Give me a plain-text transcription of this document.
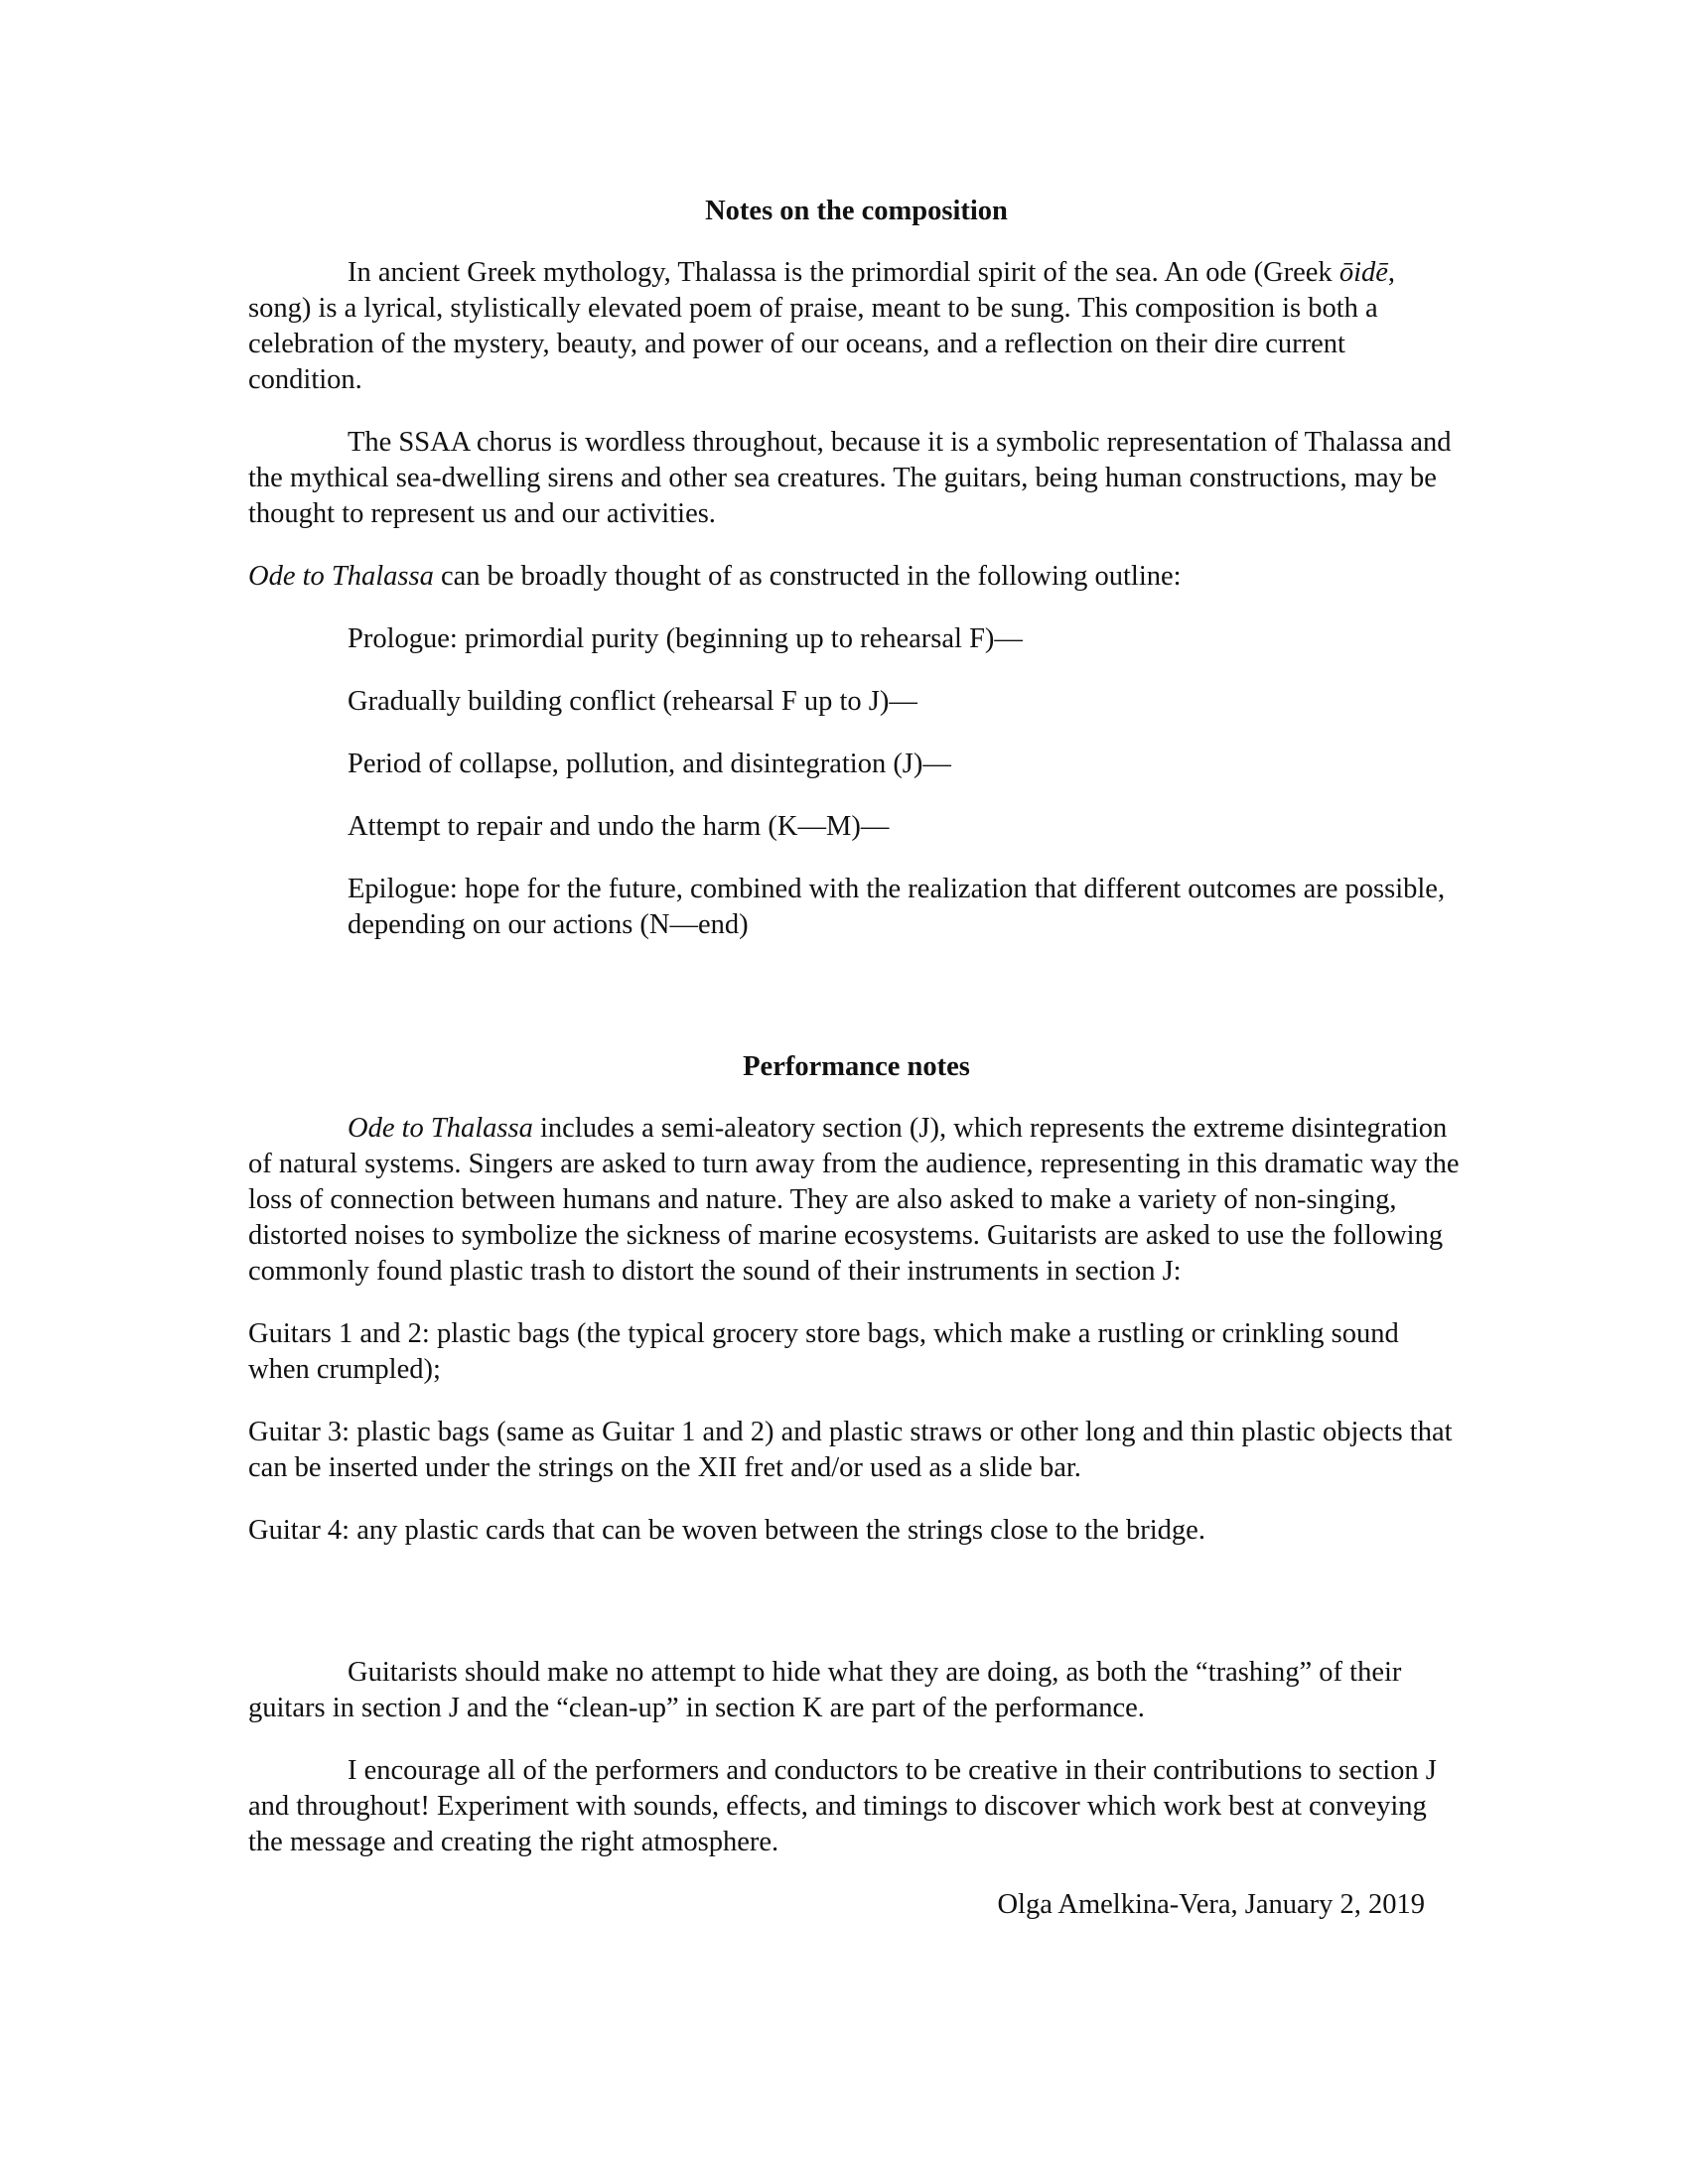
Notes on the composition

In ancient Greek mythology, Thalassa is the primordial spirit of the sea. An ode (Greek ōidē, song) is a lyrical, stylistically elevated poem of praise, meant to be sung. This composition is both a celebration of the mystery, beauty, and power of our oceans, and a reflection on their dire current condition.

The SSAA chorus is wordless throughout, because it is a symbolic representation of Thalassa and the mythical sea-dwelling sirens and other sea creatures. The guitars, being human constructions, may be thought to represent us and our activities.

Ode to Thalassa can be broadly thought of as constructed in the following outline:

Prologue: primordial purity (beginning up to rehearsal F)—

Gradually building conflict (rehearsal F up to J)—

Period of collapse, pollution, and disintegration (J)—

Attempt to repair and undo the harm (K—M)—

Epilogue: hope for the future, combined with the realization that different outcomes are possible, depending on our actions (N—end)

Performance notes

Ode to Thalassa includes a semi-aleatory section (J), which represents the extreme disintegration of natural systems. Singers are asked to turn away from the audience, representing in this dramatic way the loss of connection between humans and nature. They are also asked to make a variety of non-singing, distorted noises to symbolize the sickness of marine ecosystems. Guitarists are asked to use the following commonly found plastic trash to distort the sound of their instruments in section J:

Guitars 1 and 2: plastic bags (the typical grocery store bags, which make a rustling or crinkling sound when crumpled);

Guitar 3: plastic bags (same as Guitar 1 and 2) and plastic straws or other long and thin plastic objects that can be inserted under the strings on the XII fret and/or used as a slide bar.

Guitar 4: any plastic cards that can be woven between the strings close to the bridge.

Guitarists should make no attempt to hide what they are doing, as both the “trashing” of their guitars in section J and the “clean-up” in section K are part of the performance.

I encourage all of the performers and conductors to be creative in their contributions to section J and throughout! Experiment with sounds, effects, and timings to discover which work best at conveying the message and creating the right atmosphere.

Olga Amelkina-Vera, January 2, 2019
